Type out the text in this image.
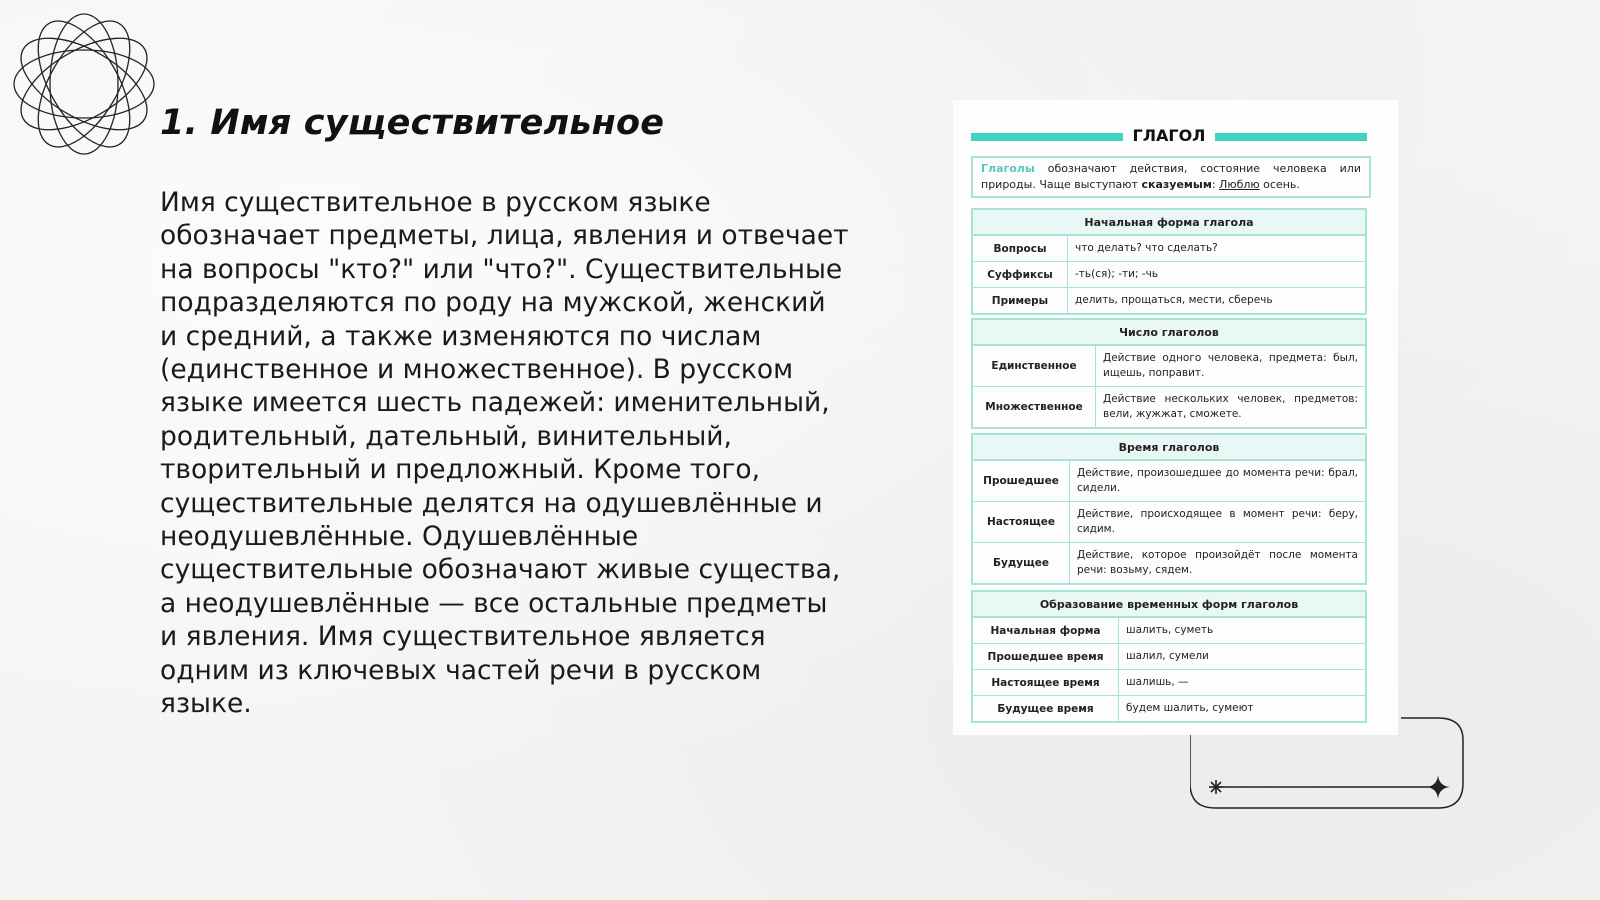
1. Имя существительное

Имя существительное в русском языке обозначает предметы, лица, явления и отвечает на вопросы "кто?" или "что?". Существительные подразделяются по роду на мужской, женский и средний, а также изменяются по числам (единственное и множественное). В русском языке имеется шесть падежей: именительный, родительный, дательный, винительный, творительный и предложный. Кроме того, существительные делятся на одушевлённые и неодушевлённые. Одушевлённые существительные обозначают живые существа, а неодушевлённые — все остальные предметы и явления. Имя существительное является одним из ключевых частей речи в русском языке.

ГЛАГОЛ
Глаголы обозначают действия, состояние человека или природы. Чаще выступают сказуемым: Люблю осень.
Начальная форма глагола	
Вопросы	что делать? что сделать?
Суффиксы	-ть(ся); -ти; -чь
Примеры	делить, прощаться, мести, сберечь
Число глаголов	
Единственное	Действие одного человека, предмета: был, ищешь, поправит.
Множественное	Действие нескольких человек, предметов: вели, жужжат, сможете.
Время глаголов	
Прошедшее	Действие, произошедшее до момента речи: брал, сидели.
Настоящее	Действие, происходящее в момент речи: беру, сидим.
Будущее	Действие, которое произойдёт после момента речи: возьму, сядем.
Образование временных форм глаголов	
Начальная форма	шалить, суметь
Прошедшее время	шалил, сумели
Настоящее время	шалишь, —
Будущее время	будем шалить, сумеют
